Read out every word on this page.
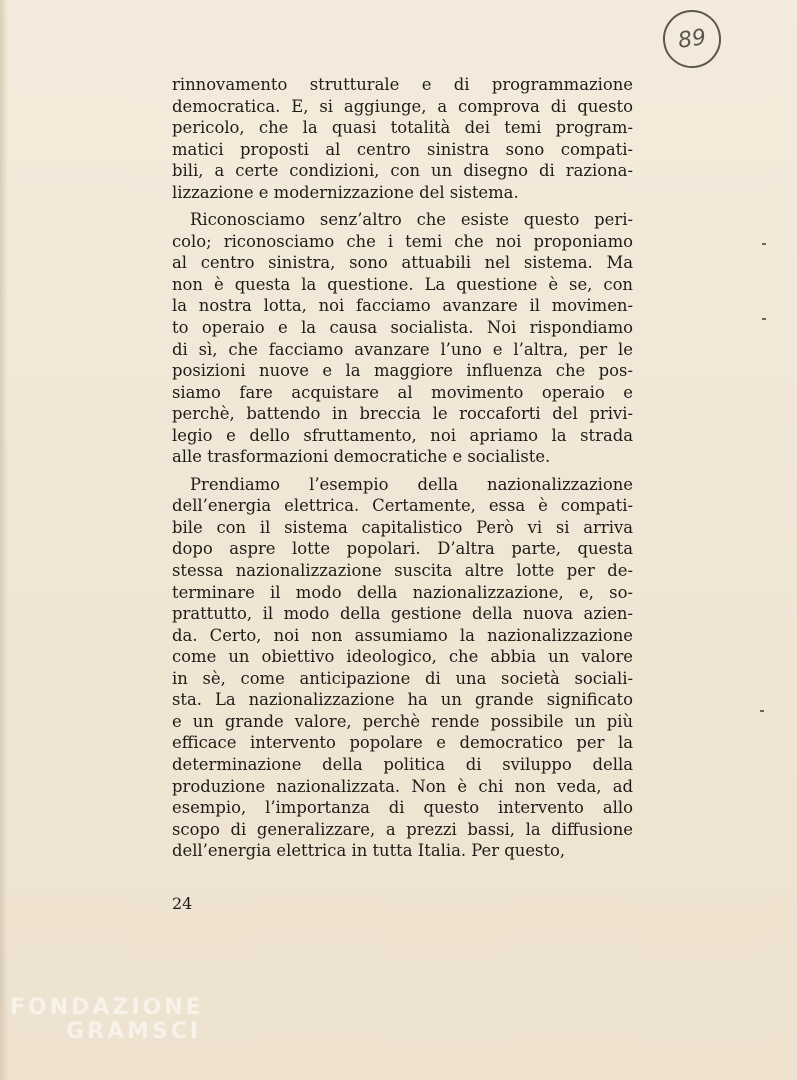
89
rinnovamento strutturale e di programmazione
democratica. E, si aggiunge, a comprova di questo
pericolo, che la quasi totalità dei temi program-
matici proposti al centro sinistra sono compati-
bili, a certe condizioni, con un disegno di raziona-
lizzazione e modernizzazione del sistema.
Riconosciamo senz’altro che esiste questo peri-
colo; riconosciamo che i temi che noi proponiamo
al centro sinistra, sono attuabili nel sistema. Ma
non è questa la questione. La questione è se, con
la nostra lotta, noi facciamo avanzare il movimen-
to operaio e la causa socialista. Noi rispondiamo
di sì, che facciamo avanzare l’uno e l’altra, per le
posizioni nuove e la maggiore influenza che pos-
siamo fare acquistare al movimento operaio e
perchè, battendo in breccia le roccaforti del privi-
legio e dello sfruttamento, noi apriamo la strada
alle trasformazioni democratiche e socialiste.
Prendiamo l’esempio della nazionalizzazione
dell’energia elettrica. Certamente, essa è compati-
bile con il sistema capitalistico Però vi si arriva
dopo aspre lotte popolari. D’altra parte, questa
stessa nazionalizzazione suscita altre lotte per de-
terminare il modo della nazionalizzazione, e, so-
prattutto, il modo della gestione della nuova azien-
da. Certo, noi non assumiamo la nazionalizzazione
come un obiettivo ideologico, che abbia un valore
in sè, come anticipazione di una società sociali-
sta. La nazionalizzazione ha un grande significato
e un grande valore, perchè rende possibile un più
efficace intervento popolare e democratico per la
determinazione della politica di sviluppo della
produzione nazionalizzata. Non è chi non veda, ad
esempio, l’importanza di questo intervento allo
scopo di generalizzare, a prezzi bassi, la diffusione
dell’energia elettrica in tutta Italia. Per questo,
24
FONDAZIONE
GRAMSCI
